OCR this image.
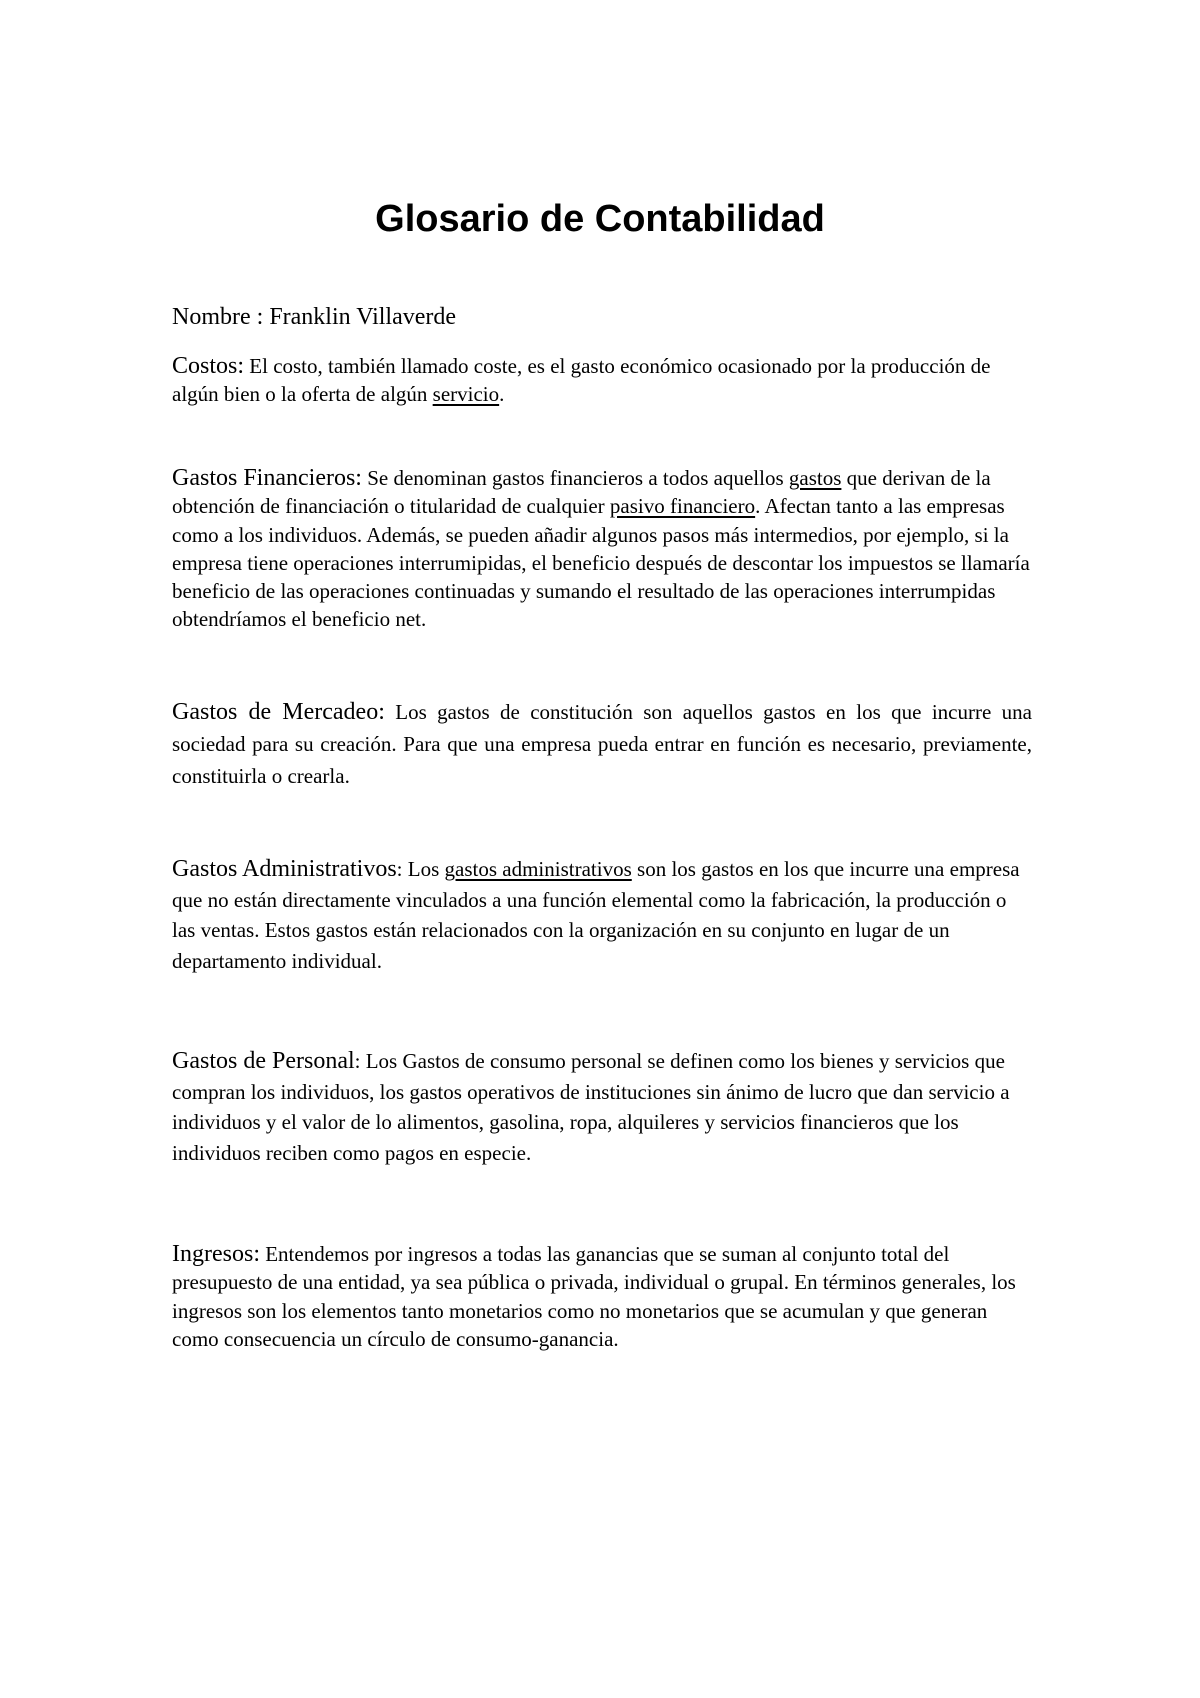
Glosario de Contabilidad

Nombre : Franklin Villaverde

Costos: El costo, también llamado coste, es el gasto económico ocasionado por la producción de algún bien o la oferta de algún servicio.

Gastos Financieros: Se denominan gastos financieros a todos aquellos gastos que derivan de la obtención de financiación o titularidad de cualquier pasivo financiero. Afectan tanto a las empresas como a los individuos. Además, se pueden añadir algunos pasos más intermedios, por ejemplo, si la empresa tiene operaciones interrumipidas, el beneficio después de descontar los impuestos se llamaría beneficio de las operaciones continuadas y sumando el resultado de las operaciones interrumpidas obtendríamos el beneficio net.

Gastos de Mercadeo: Los gastos de constitución son aquellos gastos en los que incurre una sociedad para su creación. Para que una empresa pueda entrar en función es necesario, previamente, constituirla o crearla.

Gastos Administrativos: Los gastos administrativos son los gastos en los que incurre una empresa que no están directamente vinculados a una función elemental como la fabricación, la producción o las ventas. Estos gastos están relacionados con la organización en su conjunto en lugar de un departamento individual.

Gastos de Personal: Los Gastos de consumo personal se definen como los bienes y servicios que compran los individuos, los gastos operativos de instituciones sin ánimo de lucro que dan servicio a individuos y el valor de lo alimentos, gasolina, ropa, alquileres y servicios financieros que los individuos reciben como pagos en especie.

Ingresos: Entendemos por ingresos a todas las ganancias que se suman al conjunto total del presupuesto de una entidad, ya sea pública o privada, individual o grupal. En términos generales, los ingresos son los elementos tanto monetarios como no monetarios que se acumulan y que generan como consecuencia un círculo de consumo-ganancia.
